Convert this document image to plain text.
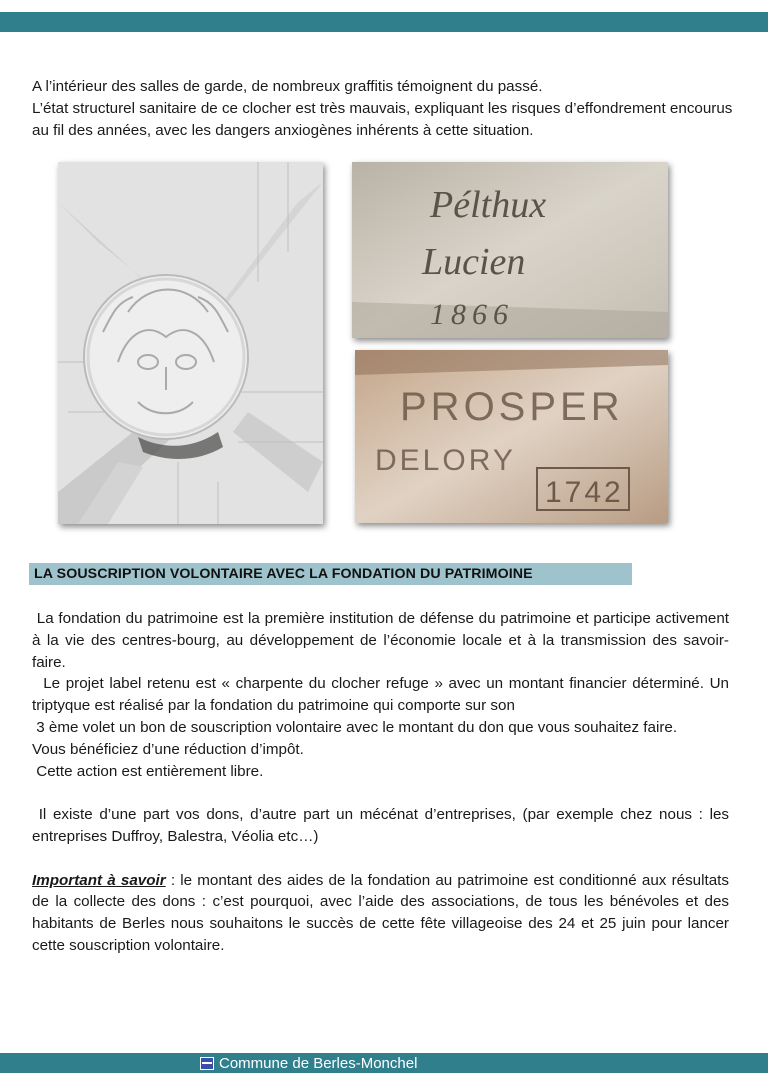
A l’intérieur des salles de garde, de nombreux graffitis témoignent du passé.

L’état structurel sanitaire de ce clocher est très mauvais, expliquant les risques d’effondrement encourus au fil des années, avec les dangers anxiogènes inhérents à cette situation.

Pélthux
Lucien
1866
PROSPER
DELORY
1742
LA SOUSCRIPTION VOLONTAIRE AVEC LA FONDATION DU PATRIMOINE

La fondation du patrimoine est la première institution de défense du patrimoine et participe activement à la vie des centres-bourg, au développement de l’économie locale et à la transmission des savoir-faire.

Le projet label retenu est « charpente du clocher refuge » avec un montant financier déterminé. Un triptyque est réalisé par la fondation du patrimoine qui comporte sur son

3 ème volet un bon de souscription volontaire avec le montant du don que vous souhaitez faire.

Vous bénéficiez d’une réduction d’impôt.

Cette action est entièrement libre.

Il existe d’une part vos dons, d’autre part un mécénat d’entreprises, (par exemple chez nous : les entreprises Duffroy, Balestra, Véolia etc…)

Important à savoir : le montant des aides de la fondation au patrimoine est conditionné aux résultats de la collecte des dons : c’est pourquoi, avec l’aide des associations, de tous les bénévoles et des habitants de Berles nous souhaitons le succès de cette fête villageoise des 24 et 25 juin pour lancer cette souscription volontaire.

Commune de Berles-Monchel
